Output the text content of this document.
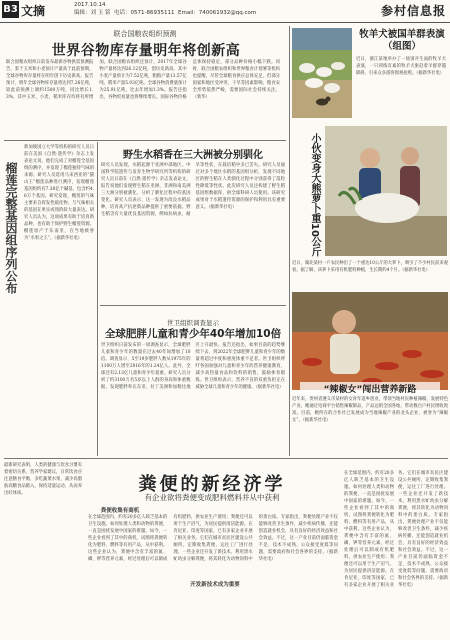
B3 文摘	2017.10.14
编辑：刘 玉 铭 电话：0571-86935111 Email：740061932@qq.com	参村信息报
联合国粮农组织预测
世界谷物库存量明年将创新高
联合国粮农组织日前发布最新谷物供需预测报告，鉴于玉米和小麦预计产量高于此前预期，全球谷物库存量将在明年创下历史新高。报告预计，明年全球谷物库存量将达到7.26亿吨，较此前预测上调约1500万吨，同比增长1.3%，其中玉米、小麦、稻米库存均将有所增加。联合国粮农组织还预计，2017年全球谷物产量将达到26.12亿吨，创历史新高。其中小麦产量预计为7.52亿吨，粗粮产量13.57亿吨，稻米产量5.03亿吨。全球谷物消费量预计为25.91亿吨，比去年增加1.3%。报告还指出，谷物贸易量也将继续增长。国际谷物价格总体保持稳定，部分品种价格小幅下跌。同时，联合国粮农组织和世界粮食计划署等机构也提醒，尽管全球粮食供应总体充足，但部分国家和地区受冲突、干旱等因素影响，粮食安全形势依然严峻，需要国际社会持续关注。（新华）
榴莲完整基因组序列公布
新加坡国立大学等机构的研究人员日前在美国《自然·遗传学》杂志上发表论文说，他们完成了对榴莲全基因组的测序，并发现了榴莲独特气味的来源。研究人员选用马来西亚的“猫山王”榴莲品种进行测序，发现榴莲基因组约有7.38亿个碱基，包含约4.6万个基因。研究发现，榴莲的气味主要来自挥发性硫化物，与气味相关的基因在果实成熟阶段大量表达。研究人员认为，这项成果有助于培育新品种，也有助于保护野生榴莲资源。榴莲原产于东南亚，在当地被誉为“水果之王”。（据新华社电）
野生水稻香在三大洲被分别驯化
研究人员发现，水稻起源于亚洲中部地区。中国科学院遗传与发育生物学研究所等机构的研究人员日前在《自然·遗传学》杂志发表论文，报告说他们发现野生稻在亚洲、非洲和南美洲三大洲分别被驯化，分析了驯化过程中的基因变化。研究人员表示，这一发现为改良水稻品种、培育高产抗逆新品种提供了重要依据。野生稻含有大量优良基因资源，例如抗病虫、耐旱等性状，在栽培稻中多已丢失。研究人员通过对多个地区水稻的基因组分析，发现不同地区的野生稻在人类驯化过程中分别获得了落粒性降低等性状。此次研究人员还构建了野生稻基因组数据库，供全球科研人员使用。该研究成果对于水稻遗传资源的保护和利用具有重要意义。（据新华社电）
世卫组织调查显示
全球肥胖儿童和青少年40年增加10倍
世卫组织日前发布的一项调查显示，全球肥胖儿童和青少年的数量在过去40年间增加了10倍。调查显示，5至19岁肥胖人数从1975年的1100万人增至2016年的1.24亿人。此外，全球还有2.13亿儿童和青少年超重。研究人员分析了约3100万名5岁以上人群的身高和体重数据，发现肥胖率在东亚、拉丁美洲和加勒比地区上升最快。报告还指出，如果目前的趋势继续下去，到2022年全球肥胖儿童和青少年的数量将超过中度和重度体重不足者。世卫组织呼吁各国加强对儿童和青少年的营养健康教育，减少高热量食品和饮料的销售，鼓励体育锻炼。世卫组织表示，营养不良的双重负担正在威胁全球儿童和青少年的健康。（据新华社电）
牧羊犬被国羊群表演（组图）
近日，浙江某地举办了一场别开生面的牧羊犬表演，一只训练有素的牧羊犬驱赶着羊群穿越障碍，引来众多游客围观拍照。（据新华社电）
小伙变身大熊萝卜重10公斤
近日，湖北某村一户农民种出了一个重达10公斤的大萝卜，吸引了不少村民前来观看。据了解，该萝卜采用有机肥料种植，生长期约4个月。（据新华社电）
“辣椒女”闯出营养新路
近年来，贵州省遵义市某村的女青年返乡创业，带领当地村民种植辣椒，发展特色产业。她通过电商平台销售辣椒制品，产品远销全国各地，带动数百户村民增收致富。目前，她所在的合作社已发展成为当地辣椒产业的龙头企业，被誉为“辣椒女”。（据新华社电）
最新研究表明，人类的健康与饮食习惯有着密切关系。营养学家建议，日常饮食应注意膳食平衡，多吃蔬菜水果，减少高脂肪高糖食品摄入，保持适量运动，从而养出好体质。	粪便的新经济学
有企业欲将粪便变成肥料燃料并从中获利
粪便收集有商机
在全球范围内，约有20多亿人缺乏基本的卫生设施。如何处理人类和动物的粪便，一直是困扰发展中国家的难题。如今，一些企业看到了其中的商机，试图将粪便转化为肥料、燃料等有用产品，从中获利。这些企业认为，粪便中含有丰富的氮、磷、钾等营养元素，经过处理后可以制成有机肥料，供农业生产使用；粪便还可以用于生产沼气，为居民提供清洁能源。在肯尼亚、印度等国家，已有多家企业开展了相关业务。它们在城市贫民区建设公共厕所，定期收集粪便，运往工厂进行处理。一些企业还开发了新技术，利用黑水虻幼虫分解粪便，将其转化为动物饲料中的蛋白质。专家指出，粪便处理产业不仅能够改善卫生条件，减少疾病传播，还能创造就业机会，具有良好的经济效益和社会效益。不过，这一产业目前仍面临资金不足、技术不成熟、公众接受度低等问题，需要政府和社会各界的支持。（据新华社电）
开发新技术成为重要
在全球范围内，约有20多亿人缺乏基本的卫生设施。如何处理人类和动物的粪便，一直是困扰发展中国家的难题。如今，一些企业看到了其中的商机，试图将粪便转化为肥料、燃料等有用产品，从中获利。这些企业认为，粪便中含有丰富的氮、磷、钾等营养元素，经过处理后可以制成有机肥料，供农业生产使用；粪便还可以用于生产沼气，为居民提供清洁能源。在肯尼亚、印度等国家，已有多家企业开展了相关业务。它们在城市贫民区建设公共厕所，定期收集粪便，运往工厂进行处理。一些企业还开发了新技术，利用黑水虻幼虫分解粪便，将其转化为动物饲料中的蛋白质。专家指出，粪便处理产业不仅能够改善卫生条件，减少疾病传播，还能创造就业机会，具有良好的经济效益和社会效益。不过，这一产业目前仍面临资金不足、技术不成熟、公众接受度低等问题，需要政府和社会各界的支持。（据新华社电）
